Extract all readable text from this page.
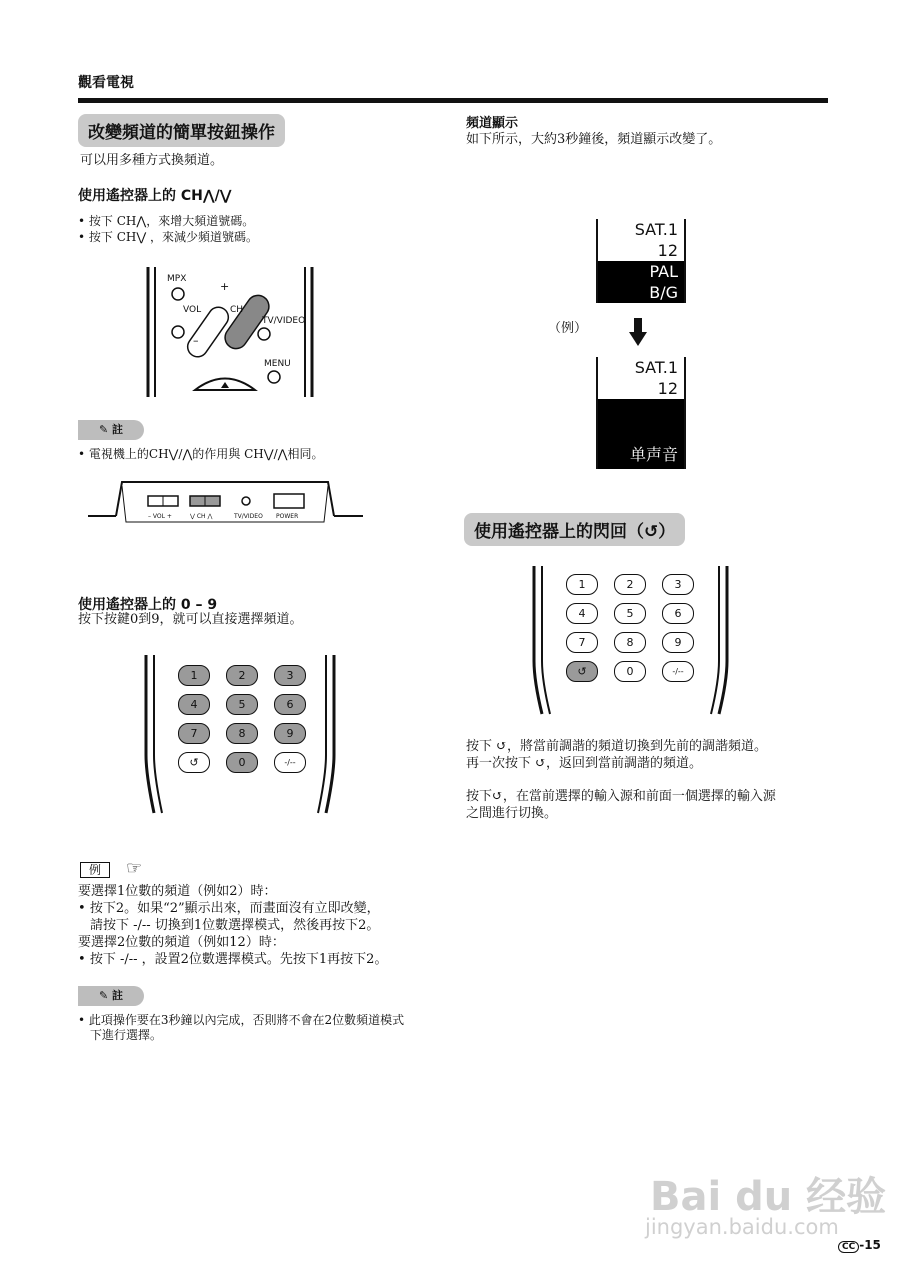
觀看電視
改變頻道的簡單按鈕操作
可以用多種方式換頻道。
使用遙控器上的 CH⋀/⋁
• 按下 CH⋀，來增大頻道號碼。
• 按下 CH⋁ ，來減少頻道號碼。
MPX
VOL	CH
TV/VIDEO
MENU
+
–
✎ 註
• 電視機上的CH⋁/⋀的作用與 CH⋁/⋀相同。
– VOL +	⋁ CH ⋀	TV/VIDEO POWER
使用遙控器上的 0 – 9
按下按鍵0到9，就可以直接選擇頻道。
1	2	3
4	5	6
7	8	9
↺	0	-/--
例	☞
要選擇1位數的頻道（例如2）時：
• 按下2。如果“2”顯示出來，而畫面沒有立即改變，
請按下 -/-- 切換到1位數選擇模式，然後再按下2。
要選擇2位數的頻道（例如12）時：
• 按下 -/-- ，設置2位數選擇模式。先按下1再按下2。
✎ 註
• 此項操作要在3秒鐘以內完成，否則將不會在2位數頻道模式
下進行選擇。
頻道顯示
如下所示，大約3秒鐘後，頻道顯示改變了。
SAT.1
12
PAL
B/G
（例）
SAT.1
12
单声音
使用遙控器上的閃回（↺）
1	2	3
4	5	6
7	8	9
↺	0	-/--
按下 ↺，將當前調諧的頻道切換到先前的調諧頻道。
再一次按下 ↺，返回到當前調諧的頻道。
按下↺，在當前選擇的輸入源和前面一個選擇的輸入源
之間進行切換。
Bai du 经验
jingyan.baidu.com
CC -15
